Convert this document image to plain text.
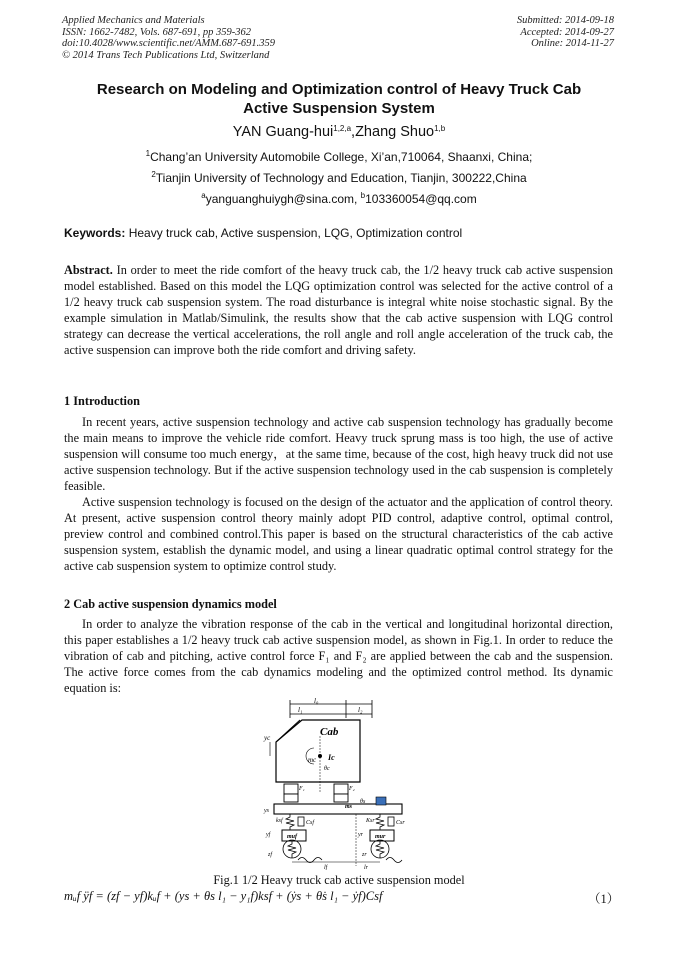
Applied Mechanics and Materials
ISSN: 1662-7482, Vols. 687-691, pp 359-362
doi:10.4028/www.scientific.net/AMM.687-691.359
© 2014 Trans Tech Publications Ltd, Switzerland
Submitted: 2014-09-18
Accepted: 2014-09-27
Online: 2014-11-27
Research on Modeling and Optimization control of Heavy Truck Cab
Active Suspension System
YAN Guang-hui$^{1,2,a}$,Zhang Shuo$^{1,b}$
$^1$Chang’an University Automobile College, Xi’an,710064, Shaanxi, China;
$^2$Tianjin University of Technology and Education, Tianjin, 300222,China
$^a$yanguanghuiygh@sina.com, $^b$103360054@qq.com
Keywords: Heavy truck cab, Active suspension, LQG, Optimization control
Abstract. In order to meet the ride comfort of the heavy truck cab, the 1/2 heavy truck cab active suspension model established. Based on this model the LQG optimization control was selected for the active control of a 1/2 heavy truck cab suspension system. The road disturbance is integral white noise stochastic signal. By the example simulation in Matlab/Simulink, the results show that the cab active suspension with LQG control strategy can decrease the vertical accelerations, the roll angle and roll angle acceleration of the truck cab, the active suspension can improve both the ride comfort and driving safety.
1 Introduction
In recent years, active suspension technology and active cab suspension technology has gradually become the main means to improve the vehicle ride comfort. Heavy truck sprung mass is too high, the use of active suspension will consume too much energy，at the same time, because of the cost, high heavy truck did not use active suspension technology. But if the active suspension technology used in the cab suspension is completely feasible.
Active suspension technology is focused on the design of the actuator and the application of control theory. At present, active suspension control theory mainly adopt PID control, adaptive control, optimal control, preview control and combined control.This paper is based on the structural characteristics of the cab active suspension system, establish the dynamic model, and using a linear quadratic optimal control strategy for the active cab suspension system to optimize control study.
2 Cab active suspension dynamics model
In order to analyze the vibration response of the cab in the vertical and longitudinal horizontal direction, this paper establishes a 1/2 heavy truck cab active suspension model, as shown in Fig.1. In order to reduce the vibration of cab and pitching, active control force F₁ and F₂ are applied between the cab and the suspension. The active force comes from the cab dynamics modeling and the optimized control method. Its dynamic equation is:
l₀
l₁	l₂
Cab
mc Ic
θc
yc
F₁	F₂
ms
θs
ys
ksf	Csf	Ksr	Csr
muf	mur
yf	yr
zf	zr
lf	lr
Fig.1 1/2 Heavy truck cab active suspension model
mᵤf ÿf = (zf − yf)kᵤf + (ys + θs l₁ − y₁f)ksf + (ẏs + θ̇s l₁ − ẏf)Csf	（1）
